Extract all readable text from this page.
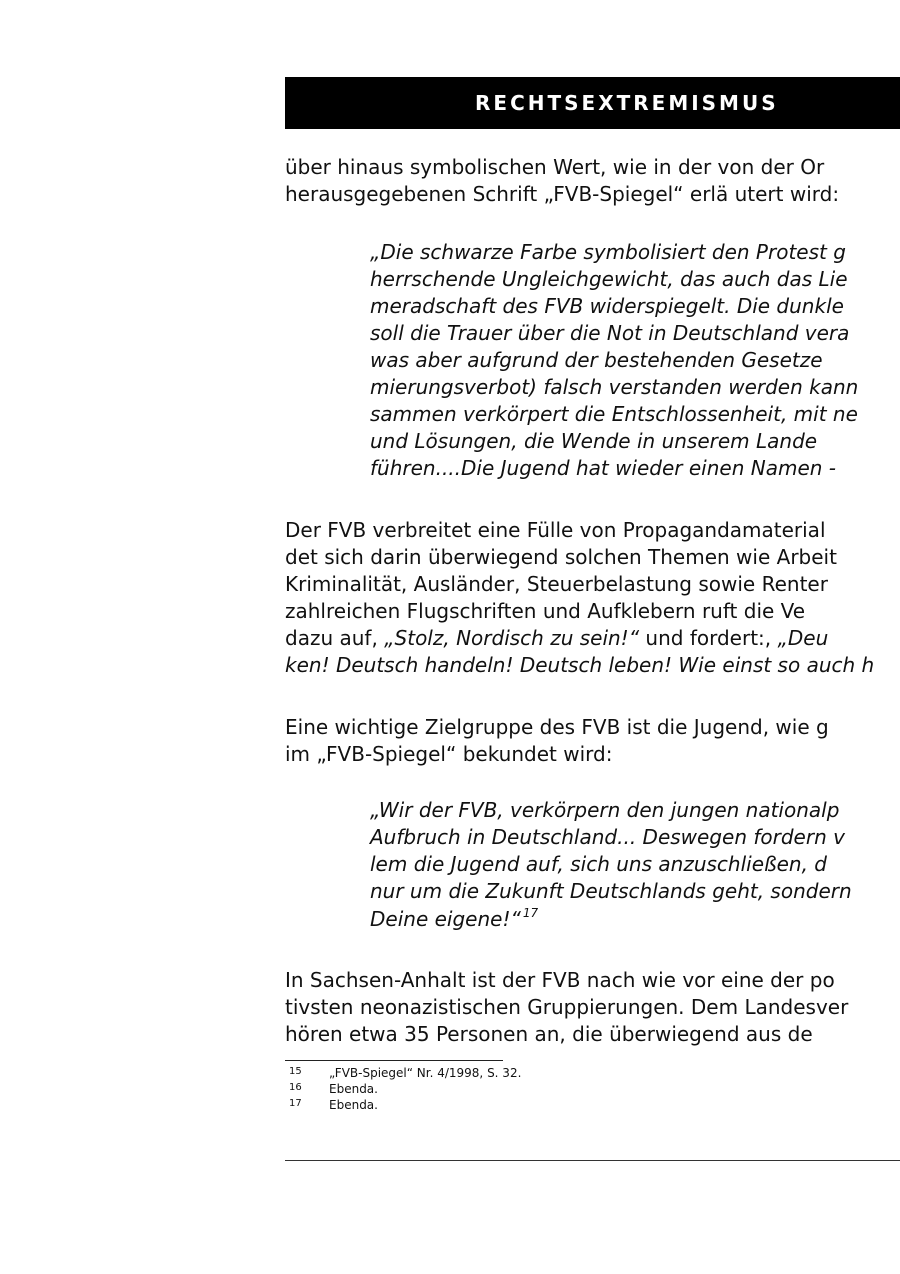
RECHTSEXTREMISMUS
über hinaus symbolischen Wert, wie in der von der Or
herausgegebenen Schrift „FVB-Spiegel“ erlä utert wird:
„Die schwarze Farbe symbolisiert den Protest g
herrschende Ungleichgewicht, das auch das Lie
meradschaft des FVB widerspiegelt. Die dunkle
soll die Trauer über die Not in Deutschland vera
was aber aufgrund der bestehenden Gesetze
mierungsverbot) falsch verstanden werden kann
sammen verkörpert die Entschlossenheit, mit ne
und Lösungen, die Wende in unserem Lande
führen....Die Jugend hat wieder einen Namen -
Der FVB verbreitet eine Fülle von Propagandamaterial
det sich darin überwiegend solchen Themen wie Arbeit
Kriminalität, Ausländer, Steuerbelastung sowie Renter
zahlreichen Flugschriften und Aufklebern ruft die Ve
dazu auf, „Stolz, Nordisch zu sein!“ und fordert:, „Deu
ken! Deutsch handeln! Deutsch leben! Wie einst so auch h
Eine wichtige Zielgruppe des FVB ist die Jugend, wie g
im „FVB-Spiegel“ bekundet wird:
„Wir der FVB, verkörpern den jungen nationalp
Aufbruch in Deutschland... Deswegen fordern v
lem die Jugend auf, sich uns anzuschließen, d
nur um die Zukunft Deutschlands geht, sondern
Deine eigene!“ $^{17}$
In Sachsen-Anhalt ist der FVB nach wie vor eine der po
tivsten neonazistischen Gruppierungen. Dem Landesver
hören etwa 35 Personen an, die überwiegend aus de
15 „FVB-Spiegel“ Nr. 4/1998, S. 32.
16 Ebenda.
17 Ebenda.
